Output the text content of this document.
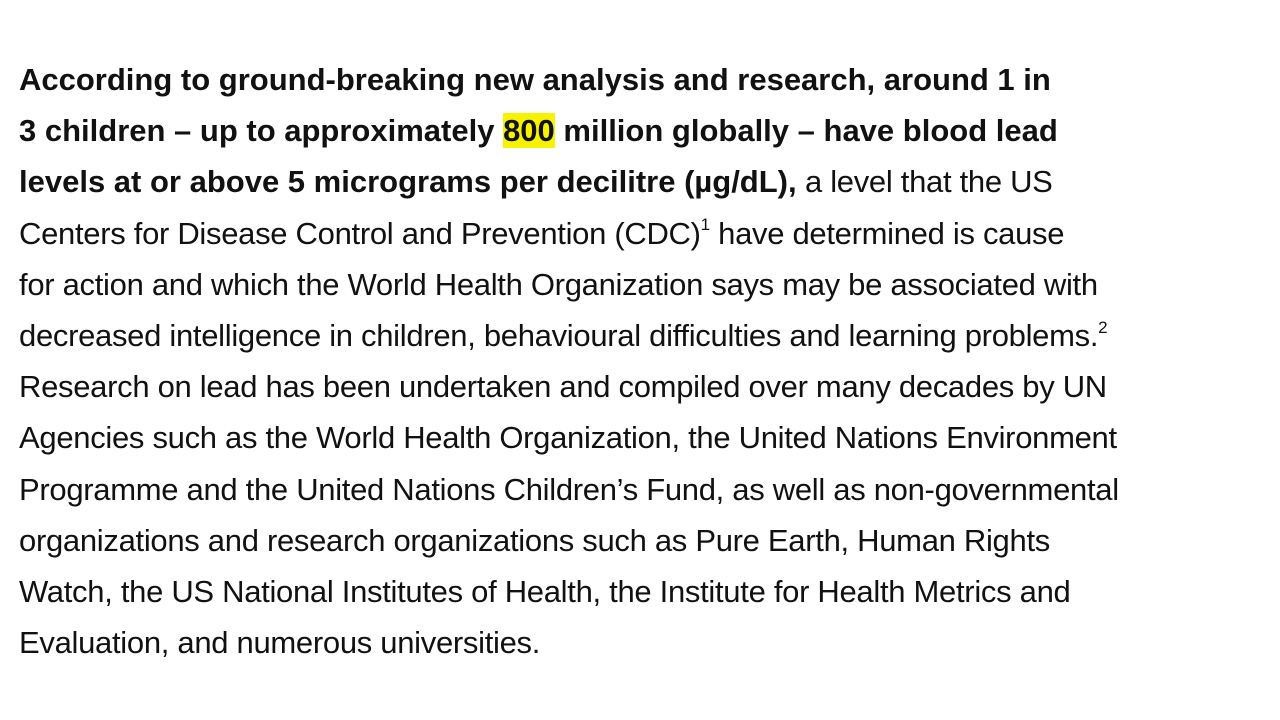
According to ground-breaking new analysis and research, around 1 in
3 children – up to approximately 800 million globally – have blood lead
levels at or above 5 micrograms per decilitre (µg/dL), a level that the US
Centers for Disease Control and Prevention (CDC)$^1$ have determined is cause
for action and which the World Health Organization says may be associated with
decreased intelligence in children, behavioural difficulties and learning problems.$^2$
Research on lead has been undertaken and compiled over many decades by UN
Agencies such as the World Health Organization, the United Nations Environment
Programme and the United Nations Children’s Fund, as well as non-governmental
organizations and research organizations such as Pure Earth, Human Rights
Watch, the US National Institutes of Health, the Institute for Health Metrics and
Evaluation, and numerous universities.
